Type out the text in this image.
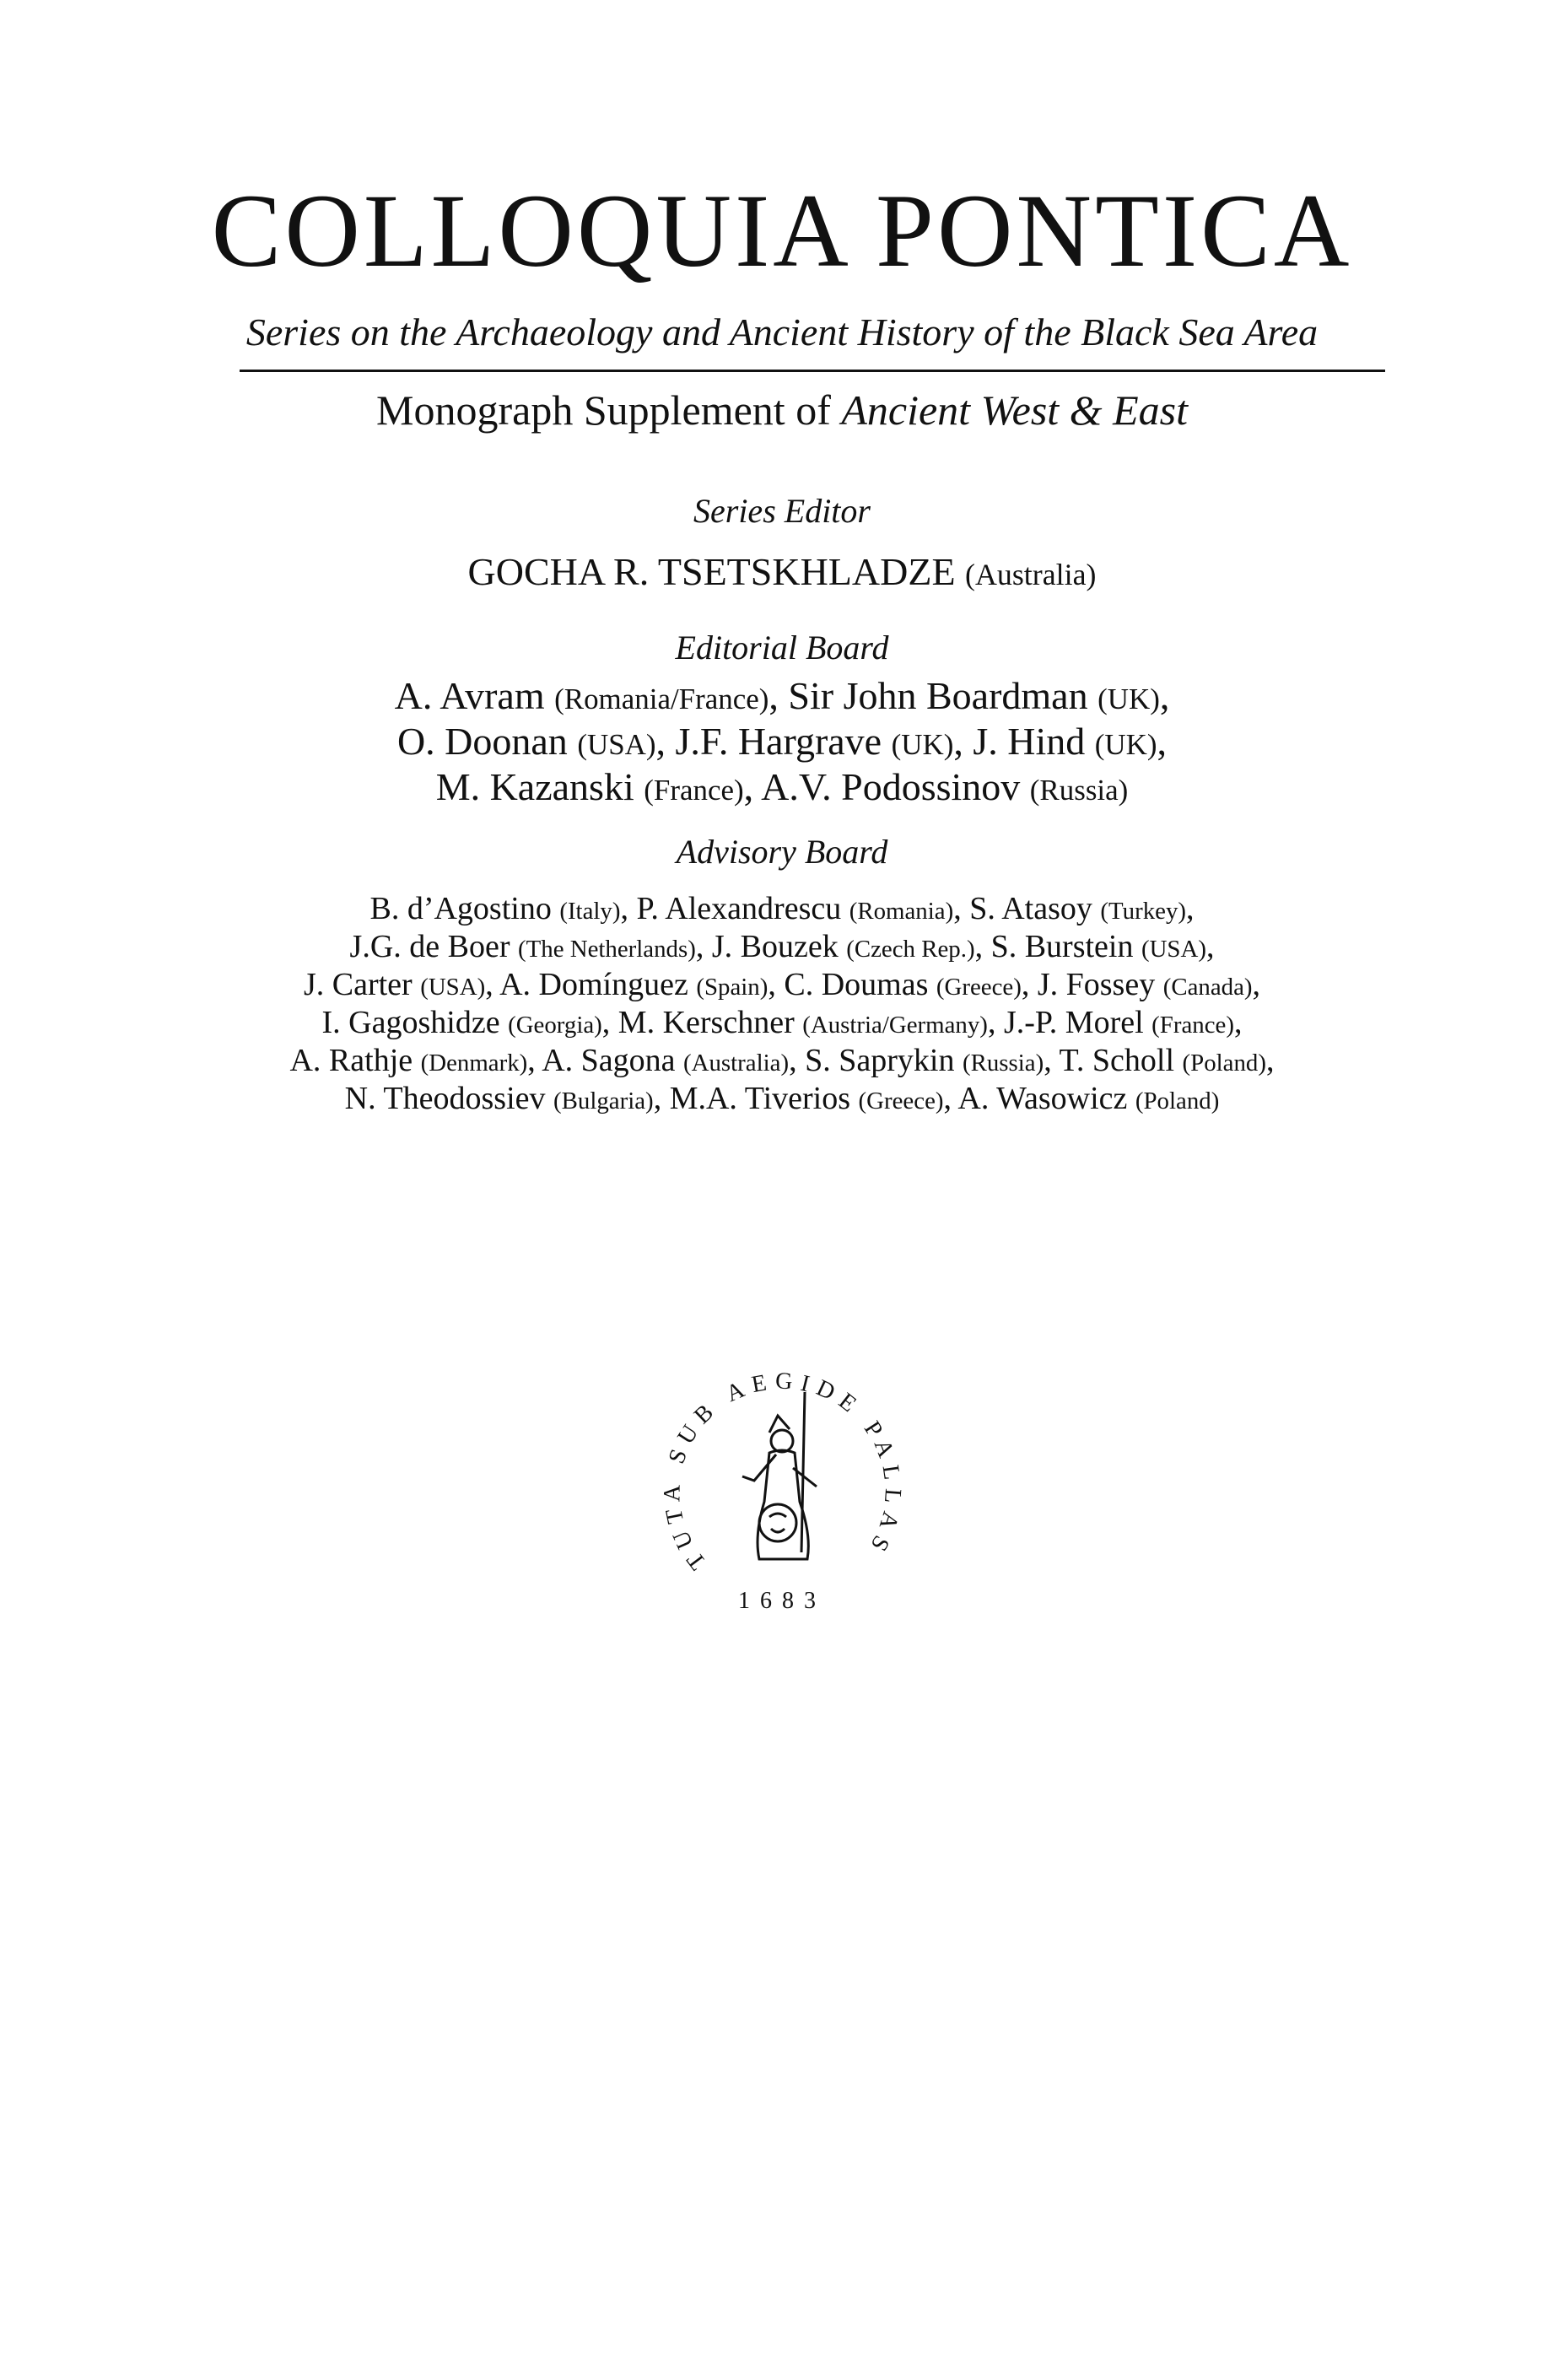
COLLOQUIA PONTICA
Series on the Archaeology and Ancient History of the Black Sea Area
Monograph Supplement of Ancient West & East
Series Editor
GOCHA R. TSETSKHLADZE (Australia)
Editorial Board
A. Avram (Romania/France), Sir John Boardman (UK),
O. Doonan (USA), J.F. Hargrave (UK), J. Hind (UK),
M. Kazanski (France), A.V. Podossinov (Russia)
Advisory Board
B. d’Agostino (Italy), P. Alexandrescu (Romania), S. Atasoy (Turkey),
J.G. de Boer (The Netherlands), J. Bouzek (Czech Rep.), S. Burstein (USA),
J. Carter (USA), A. Domínguez (Spain), C. Doumas (Greece), J. Fossey (Canada),
I. Gagoshidze (Georgia), M. Kerschner (Austria/Germany), J.-P. Morel (France),
A. Rathje (Denmark), A. Sagona (Australia), S. Saprykin (Russia), T. Scholl (Poland),
N. Theodossiev (Bulgaria), M.A. Tiverios (Greece), A. Wasowicz (Poland)
TUTA SUB AEGIDE PALLAS
1683
